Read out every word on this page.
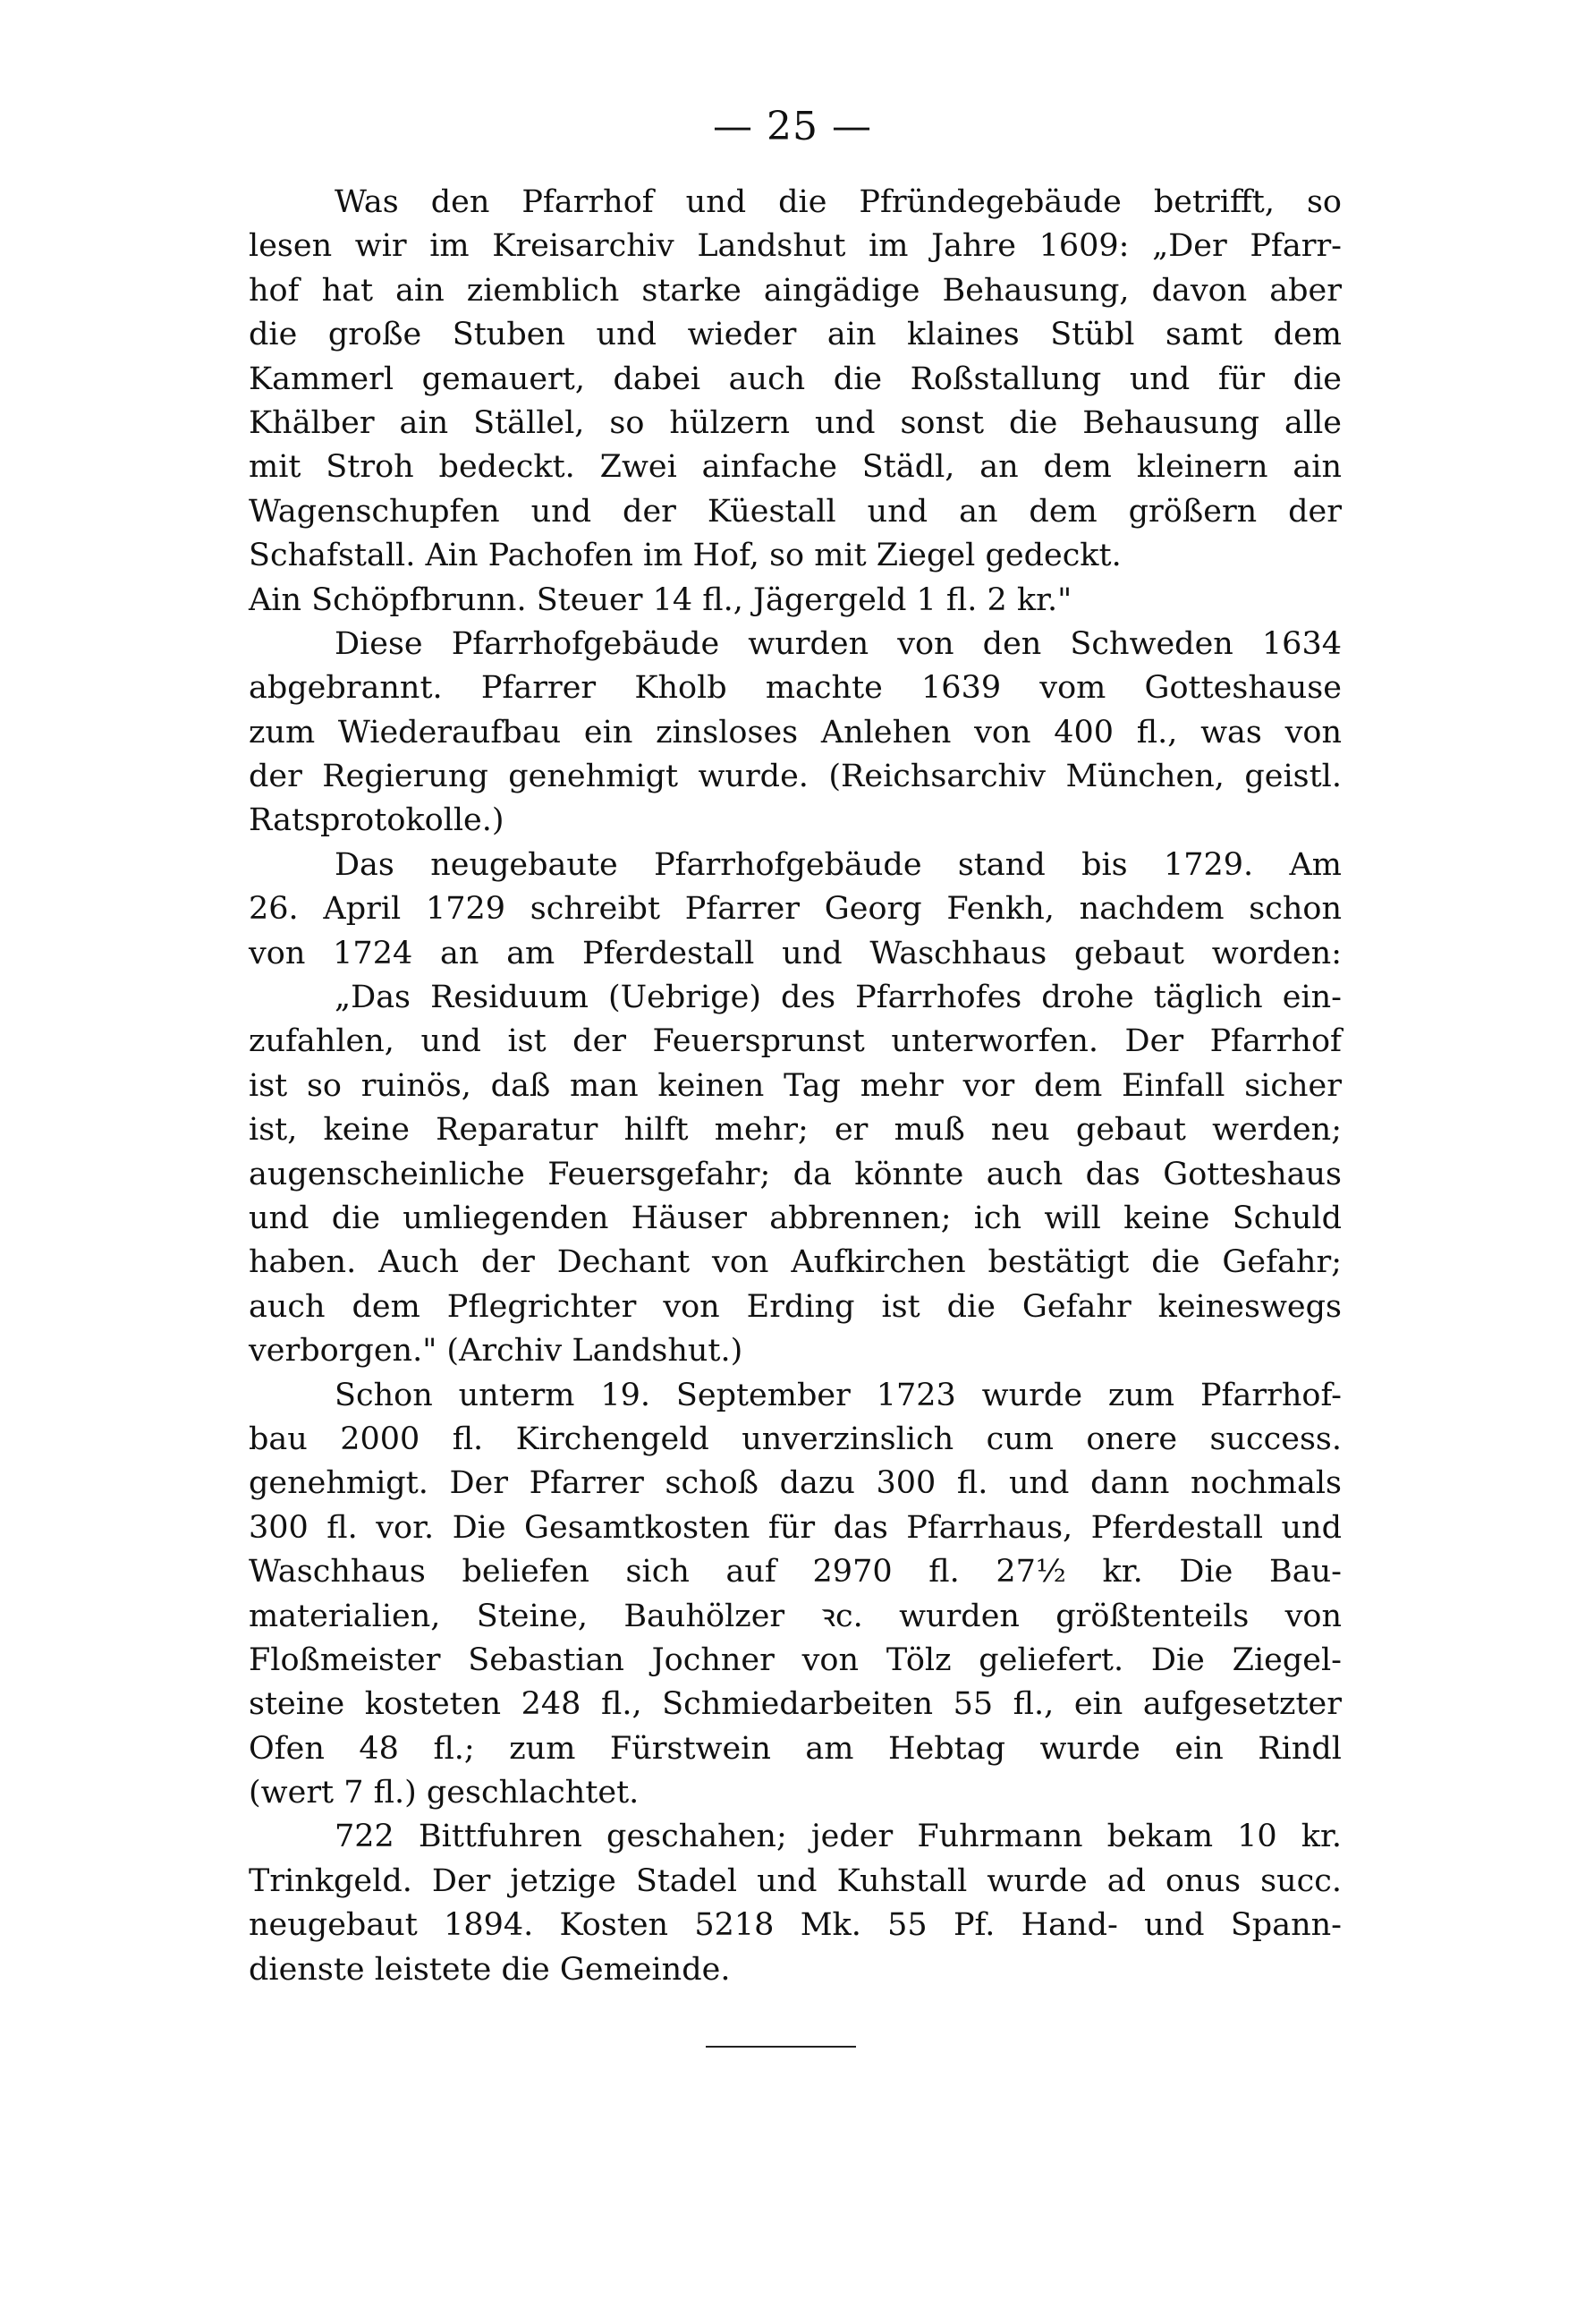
— 25 —
Was den Pfarrhof und die Pfründegebäude betrifft, so
lesen wir im Kreisarchiv Landshut im Jahre 1609: „Der Pfarr-
hof hat ain ziemblich starke aingädige Behausung, davon aber
die große Stuben und wieder ain klaines Stübl samt dem
Kammerl gemauert, dabei auch die Roßstallung und für die
Khälber ain Ställel, so hülzern und sonst die Behausung alle
mit Stroh bedeckt. Zwei ainfache Städl, an dem kleinern ain
Wagenschupfen und der Küestall und an dem größern der
Schafstall. Ain Pachofen im Hof, so mit Ziegel gedeckt.
Ain Schöpfbrunn. Steuer 14 fl., Jägergeld 1 fl. 2 kr."
Diese Pfarrhofgebäude wurden von den Schweden 1634
abgebrannt. Pfarrer Kholb machte 1639 vom Gotteshause
zum Wiederaufbau ein zinsloses Anlehen von 400 fl., was von
der Regierung genehmigt wurde. (Reichsarchiv München, geistl.
Ratsprotokolle.)
Das neugebaute Pfarrhofgebäude stand bis 1729. Am
26. April 1729 schreibt Pfarrer Georg Fenkh, nachdem schon
von 1724 an am Pferdestall und Waschhaus gebaut worden:
„Das Residuum (Uebrige) des Pfarrhofes drohe täglich ein-
zufahlen, und ist der Feuersprunst unterworfen. Der Pfarrhof
ist so ruinös, daß man keinen Tag mehr vor dem Einfall sicher
ist, keine Reparatur hilft mehr; er muß neu gebaut werden;
augenscheinliche Feuersgefahr; da könnte auch das Gotteshaus
und die umliegenden Häuser abbrennen; ich will keine Schuld
haben. Auch der Dechant von Aufkirchen bestätigt die Gefahr;
auch dem Pflegrichter von Erding ist die Gefahr keineswegs
verborgen." (Archiv Landshut.)
Schon unterm 19. September 1723 wurde zum Pfarrhof-
bau 2000 fl. Kirchengeld unverzinslich cum onere success.
genehmigt. Der Pfarrer schoß dazu 300 fl. und dann nochmals
300 fl. vor. Die Gesamtkosten für das Pfarrhaus, Pferdestall und
Waschhaus beliefen sich auf 2970 fl. 27½ kr. Die Bau-
materialien, Steine, Bauhölzer ꝛc. wurden größtenteils von
Floßmeister Sebastian Jochner von Tölz geliefert. Die Ziegel-
steine kosteten 248 fl., Schmiedarbeiten 55 fl., ein aufgesetzter
Ofen 48 fl.; zum Fürstwein am Hebtag wurde ein Rindl
(wert 7 fl.) geschlachtet.
722 Bittfuhren geschahen; jeder Fuhrmann bekam 10 kr.
Trinkgeld. Der jetzige Stadel und Kuhstall wurde ad onus succ.
neugebaut 1894. Kosten 5218 Mk. 55 Pf. Hand- und Spann-
dienste leistete die Gemeinde.
